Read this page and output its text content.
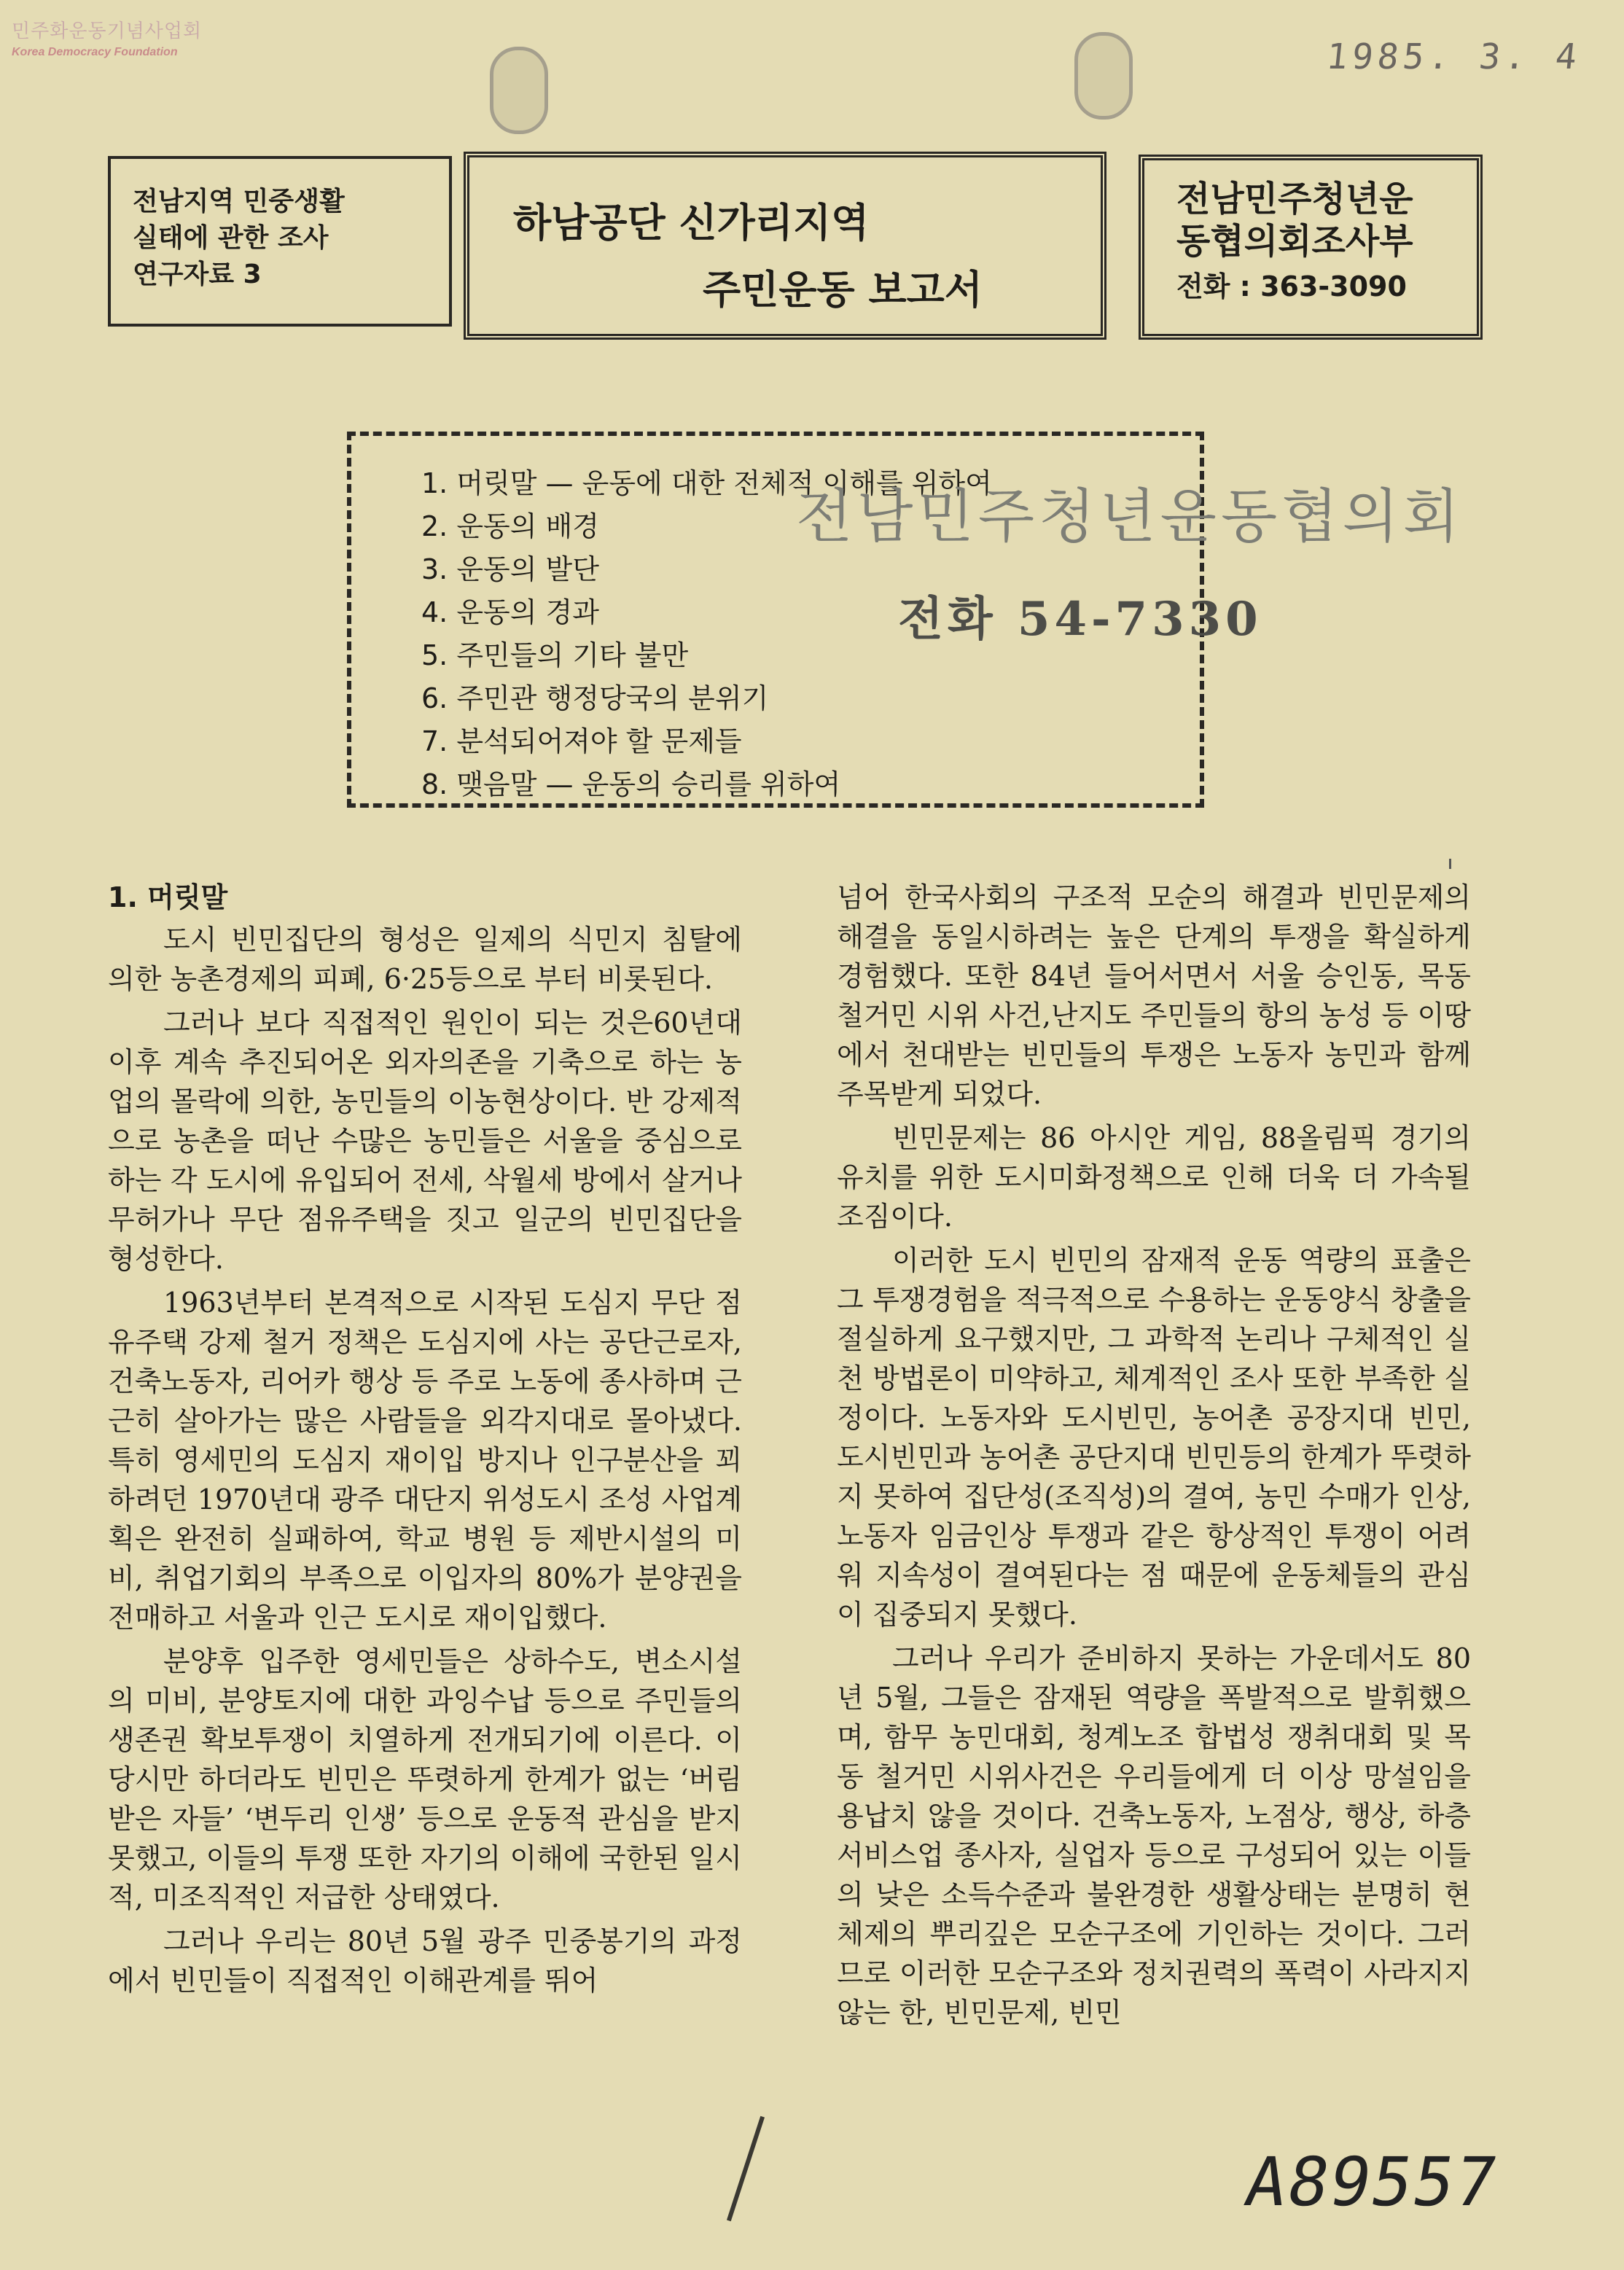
민주화운동기념사업회
Korea Democracy Foundation	1985. 3. 4
전남지역 민중생활
실태에 관한 조사
연구자료 3
하남공단 신가리지역
주민운동 보고서
전남민주청년운
동협의회조사부
전화 : 363-3090
1. 머릿말 — 운동에 대한 전체적 이해를 위하여
2. 운동의 배경
3. 운동의 발단
4. 운동의 경과
5. 주민들의 기타 불만
6. 주민관 행정당국의 분위기
7. 분석되어져야 할 문제들
8. 맺음말 — 운동의 승리를 위하여
전남민주청년운동협의회
전화 54-7330
1. 머릿말

도시 빈민집단의 형성은 일제의 식민지 침탈에 의한 농촌경제의 피폐, 6·25등으로 부터 비롯된다.

그러나 보다 직접적인 원인이 되는 것은60년대 이후 계속 추진되어온 외자의존을 기축으로 하는 농업의 몰락에 의한, 농민들의 이농현상이다. 반 강제적으로 농촌을 떠난 수많은 농민들은 서울을 중심으로 하는 각 도시에 유입되어 전세, 삭월세 방에서 살거나 무허가나 무단 점유주택을 짓고 일군의 빈민집단을 형성한다.

1963년부터 본격적으로 시작된 도심지 무단 점유주택 강제 철거 정책은 도심지에 사는 공단근로자, 건축노동자, 리어카 행상 등 주로 노동에 종사하며 근근히 살아가는 많은 사람들을 외각지대로 몰아냈다. 특히 영세민의 도심지 재이입 방지나 인구분산을 꾀하려던 1970년대 광주 대단지 위성도시 조성 사업계획은 완전히 실패하여, 학교 병원 등 제반시설의 미비, 취업기회의 부족으로 이입자의 80%가 분양권을 전매하고 서울과 인근 도시로 재이입했다.

분양후 입주한 영세민들은 상하수도, 변소시설의 미비, 분양토지에 대한 과잉수납 등으로 주민들의 생존권 확보투쟁이 치열하게 전개되기에 이른다. 이 당시만 하더라도 빈민은 뚜렷하게 한계가 없는 ‘버림받은 자들’ ‘변두리 인생’ 등으로 운동적 관심을 받지못했고, 이들의 투쟁 또한 자기의 이해에 국한된 일시적, 미조직적인 저급한 상태였다.

그러나 우리는 80년 5월 광주 민중봉기의 과정에서 빈민들이 직접적인 이해관계를 뛰어

넘어 한국사회의 구조적 모순의 해결과 빈민문제의 해결을 동일시하려는 높은 단계의 투쟁을 확실하게 경험했다. 또한 84년 들어서면서 서울 승인동, 목동 철거민 시위 사건,난지도 주민들의 항의 농성 등 이땅에서 천대받는 빈민들의 투쟁은 노동자 농민과 함께 주목받게 되었다.

빈민문제는 86 아시안 게임, 88올림픽 경기의 유치를 위한 도시미화정책으로 인해 더욱 더 가속될 조짐이다.

이러한 도시 빈민의 잠재적 운동 역량의 표출은 그 투쟁경험을 적극적으로 수용하는 운동양식 창출을 절실하게 요구했지만, 그 과학적 논리나 구체적인 실천 방법론이 미약하고, 체계적인 조사 또한 부족한 실정이다. 노동자와 도시빈민, 농어촌 공장지대 빈민, 도시빈민과 농어촌 공단지대 빈민등의 한계가 뚜렷하지 못하여 집단성(조직성)의 결여, 농민 수매가 인상, 노동자 임금인상 투쟁과 같은 항상적인 투쟁이 어려워 지속성이 결여된다는 점 때문에 운동체들의 관심이 집중되지 못했다.

그러나 우리가 준비하지 못하는 가운데서도 80년 5월, 그들은 잠재된 역량을 폭발적으로 발휘했으며, 함무 농민대회, 청계노조 합법성 쟁취대회 및 목동 철거민 시위사건은 우리들에게 더 이상 망설임을 용납치 않을 것이다. 건축노동자, 노점상, 행상, 하층서비스업 종사자, 실업자 등으로 구성되어 있는 이들의 낮은 소득수준과 불완경한 생활상태는 분명히 현 체제의 뿌리깊은 모순구조에 기인하는 것이다. 그러므로 이러한 모순구조와 정치권력의 폭력이 사라지지 않는 한, 빈민문제, 빈민

A89557
